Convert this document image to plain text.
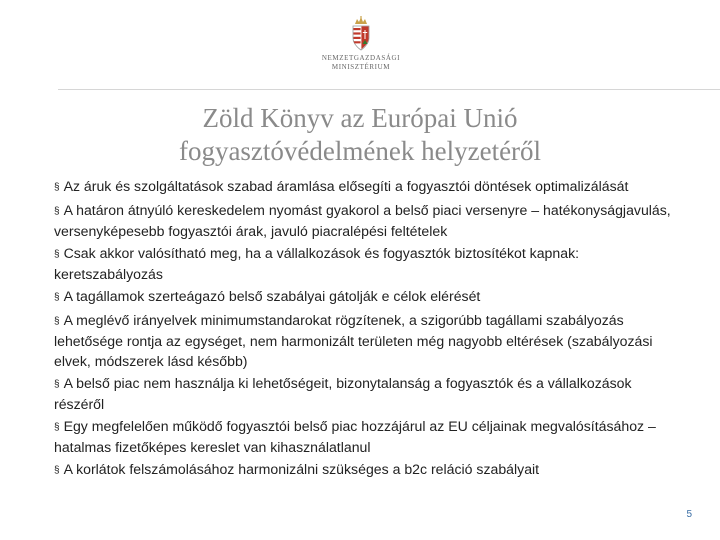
NEMZETGAZDASÁGI
MINISZTÉRIUM
Zöld Könyv az Európai Unió
fogyasztóvédelmének helyzetéről
§ Az áruk és szolgáltatások szabad áramlása elősegíti a fogyasztói döntések optimalizálását
§ A határon átnyúló kereskedelem nyomást gyakorol a belső piaci versenyre – hatékonyságjavulás, versenyképesebb fogyasztói árak, javuló piacralépési feltételek
§ Csak akkor valósítható meg, ha a vállalkozások és fogyasztók biztosítékot kapnak: keretszabályozás
§ A tagállamok szerteágazó belső szabályai gátolják e célok elérését
§ A meglévő irányelvek minimumstandarokat rögzítenek, a szigorúbb tagállami szabályozás lehetősége rontja az egységet, nem harmonizált területen még nagyobb eltérések (szabályozási elvek, módszerek lásd később)
§ A belső piac nem használja ki lehetőségeit, bizonytalanság a fogyasztók és a vállalkozások részéről
§ Egy megfelelően működő fogyasztói belső piac hozzájárul az EU céljainak megvalósításához – hatalmas fizetőképes kereslet van kihasználatlanul
§ A korlátok felszámolásához harmonizálni szükséges a b2c reláció szabályait
5
